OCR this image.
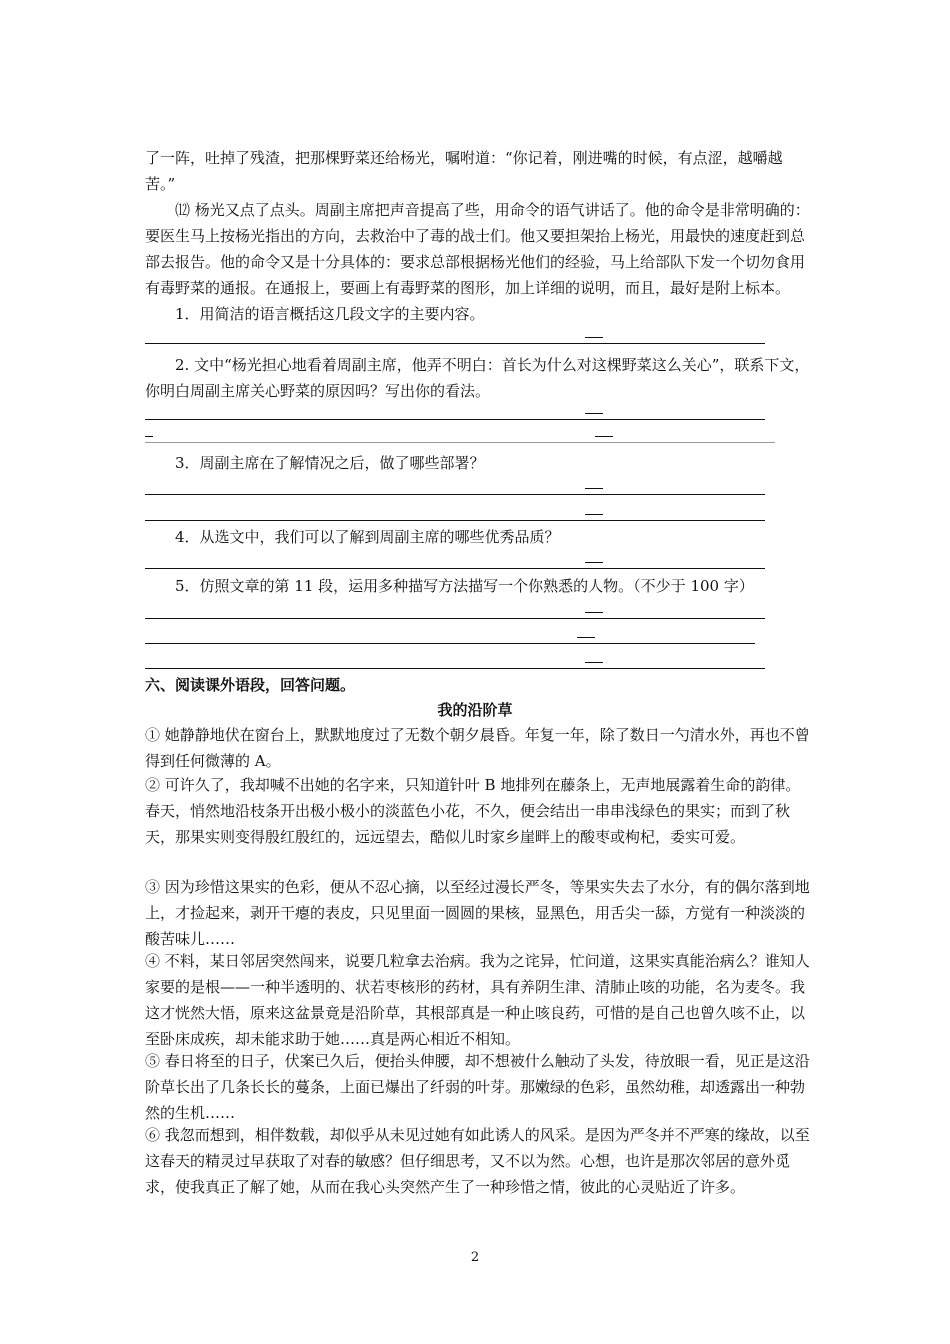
了一阵，吐掉了残渣，把那棵野菜还给杨光，嘱咐道：“你记着，刚进嘴的时候，有点涩，越嚼越苦。”

⑿ 杨光又点了点头。周副主席把声音提高了些，用命令的语气讲话了。他的命令是非常明确的：要医生马上按杨光指出的方向，去救治中了毒的战士们。他又要担架抬上杨光，用最快的速度赶到总部去报告。他的命令又是十分具体的：要求总部根据杨光他们的经验，马上给部队下发一个切勿食用有毒野菜的通报。在通报上，要画上有毒野菜的图形，加上详细的说明，而且，最好是附上标本。

1．用简洁的语言概括这几段文字的主要内容。

2. 文中“杨光担心地看着周副主席，他弄不明白：首长为什么对这棵野菜这么关心”，联系下文，你明白周副主席关心野菜的原因吗？写出你的看法。

3．周副主席在了解情况之后，做了哪些部署？

4．从选文中，我们可以了解到周副主席的哪些优秀品质？

5．仿照文章的第 11 段，运用多种描写方法描写一个你熟悉的人物。（不少于 100 字）

六、阅读课外语段，回答问题。
我的沿阶草

① 她静静地伏在窗台上，默默地度过了无数个朝夕晨昏。年复一年，除了数日一勺清水外，再也不曾得到任何微薄的 A。

② 可许久了，我却喊不出她的名字来，只知道针叶 B 地排列在藤条上，无声地展露着生命的韵律。春天，悄然地沿枝条开出极小极小的淡蓝色小花，不久，便会结出一串串浅绿色的果实；而到了秋天，那果实则变得殷红殷红的，远远望去，酷似儿时家乡崖畔上的酸枣或枸杞，委实可爱。

③ 因为珍惜这果实的色彩，便从不忍心摘，以至经过漫长严冬，等果实失去了水分，有的偶尔落到地上，才捡起来，剥开干瘪的表皮，只见里面一圆圆的果核，显黑色，用舌尖一舔，方觉有一种淡淡的酸苦味儿……

④ 不料，某日邻居突然闯来，说要几粒拿去治病。我为之诧异，忙问道，这果实真能治病么？谁知人家要的是根——一种半透明的、状若枣核形的药材，具有养阴生津、清肺止咳的功能，名为麦冬。我这才恍然大悟，原来这盆景竟是沿阶草，其根部真是一种止咳良药，可惜的是自己也曾久咳不止，以至卧床成疾，却未能求助于她……真是两心相近不相知。

⑤ 春日将至的日子，伏案已久后，便抬头伸腰，却不想被什么触动了头发，待放眼一看，见正是这沿阶草长出了几条长长的蔓条，上面已爆出了纤弱的叶芽。那嫩绿的色彩，虽然幼稚，却透露出一种勃然的生机……

⑥ 我忽而想到，相伴数载，却似乎从未见过她有如此诱人的风采。是因为严冬并不严寒的缘故，以至这春天的精灵过早获取了对春的敏感？但仔细思考，又不以为然。心想，也许是那次邻居的意外觅求，使我真正了解了她，从而在我心头突然产生了一种珍惜之情，彼此的心灵贴近了许多。

2
